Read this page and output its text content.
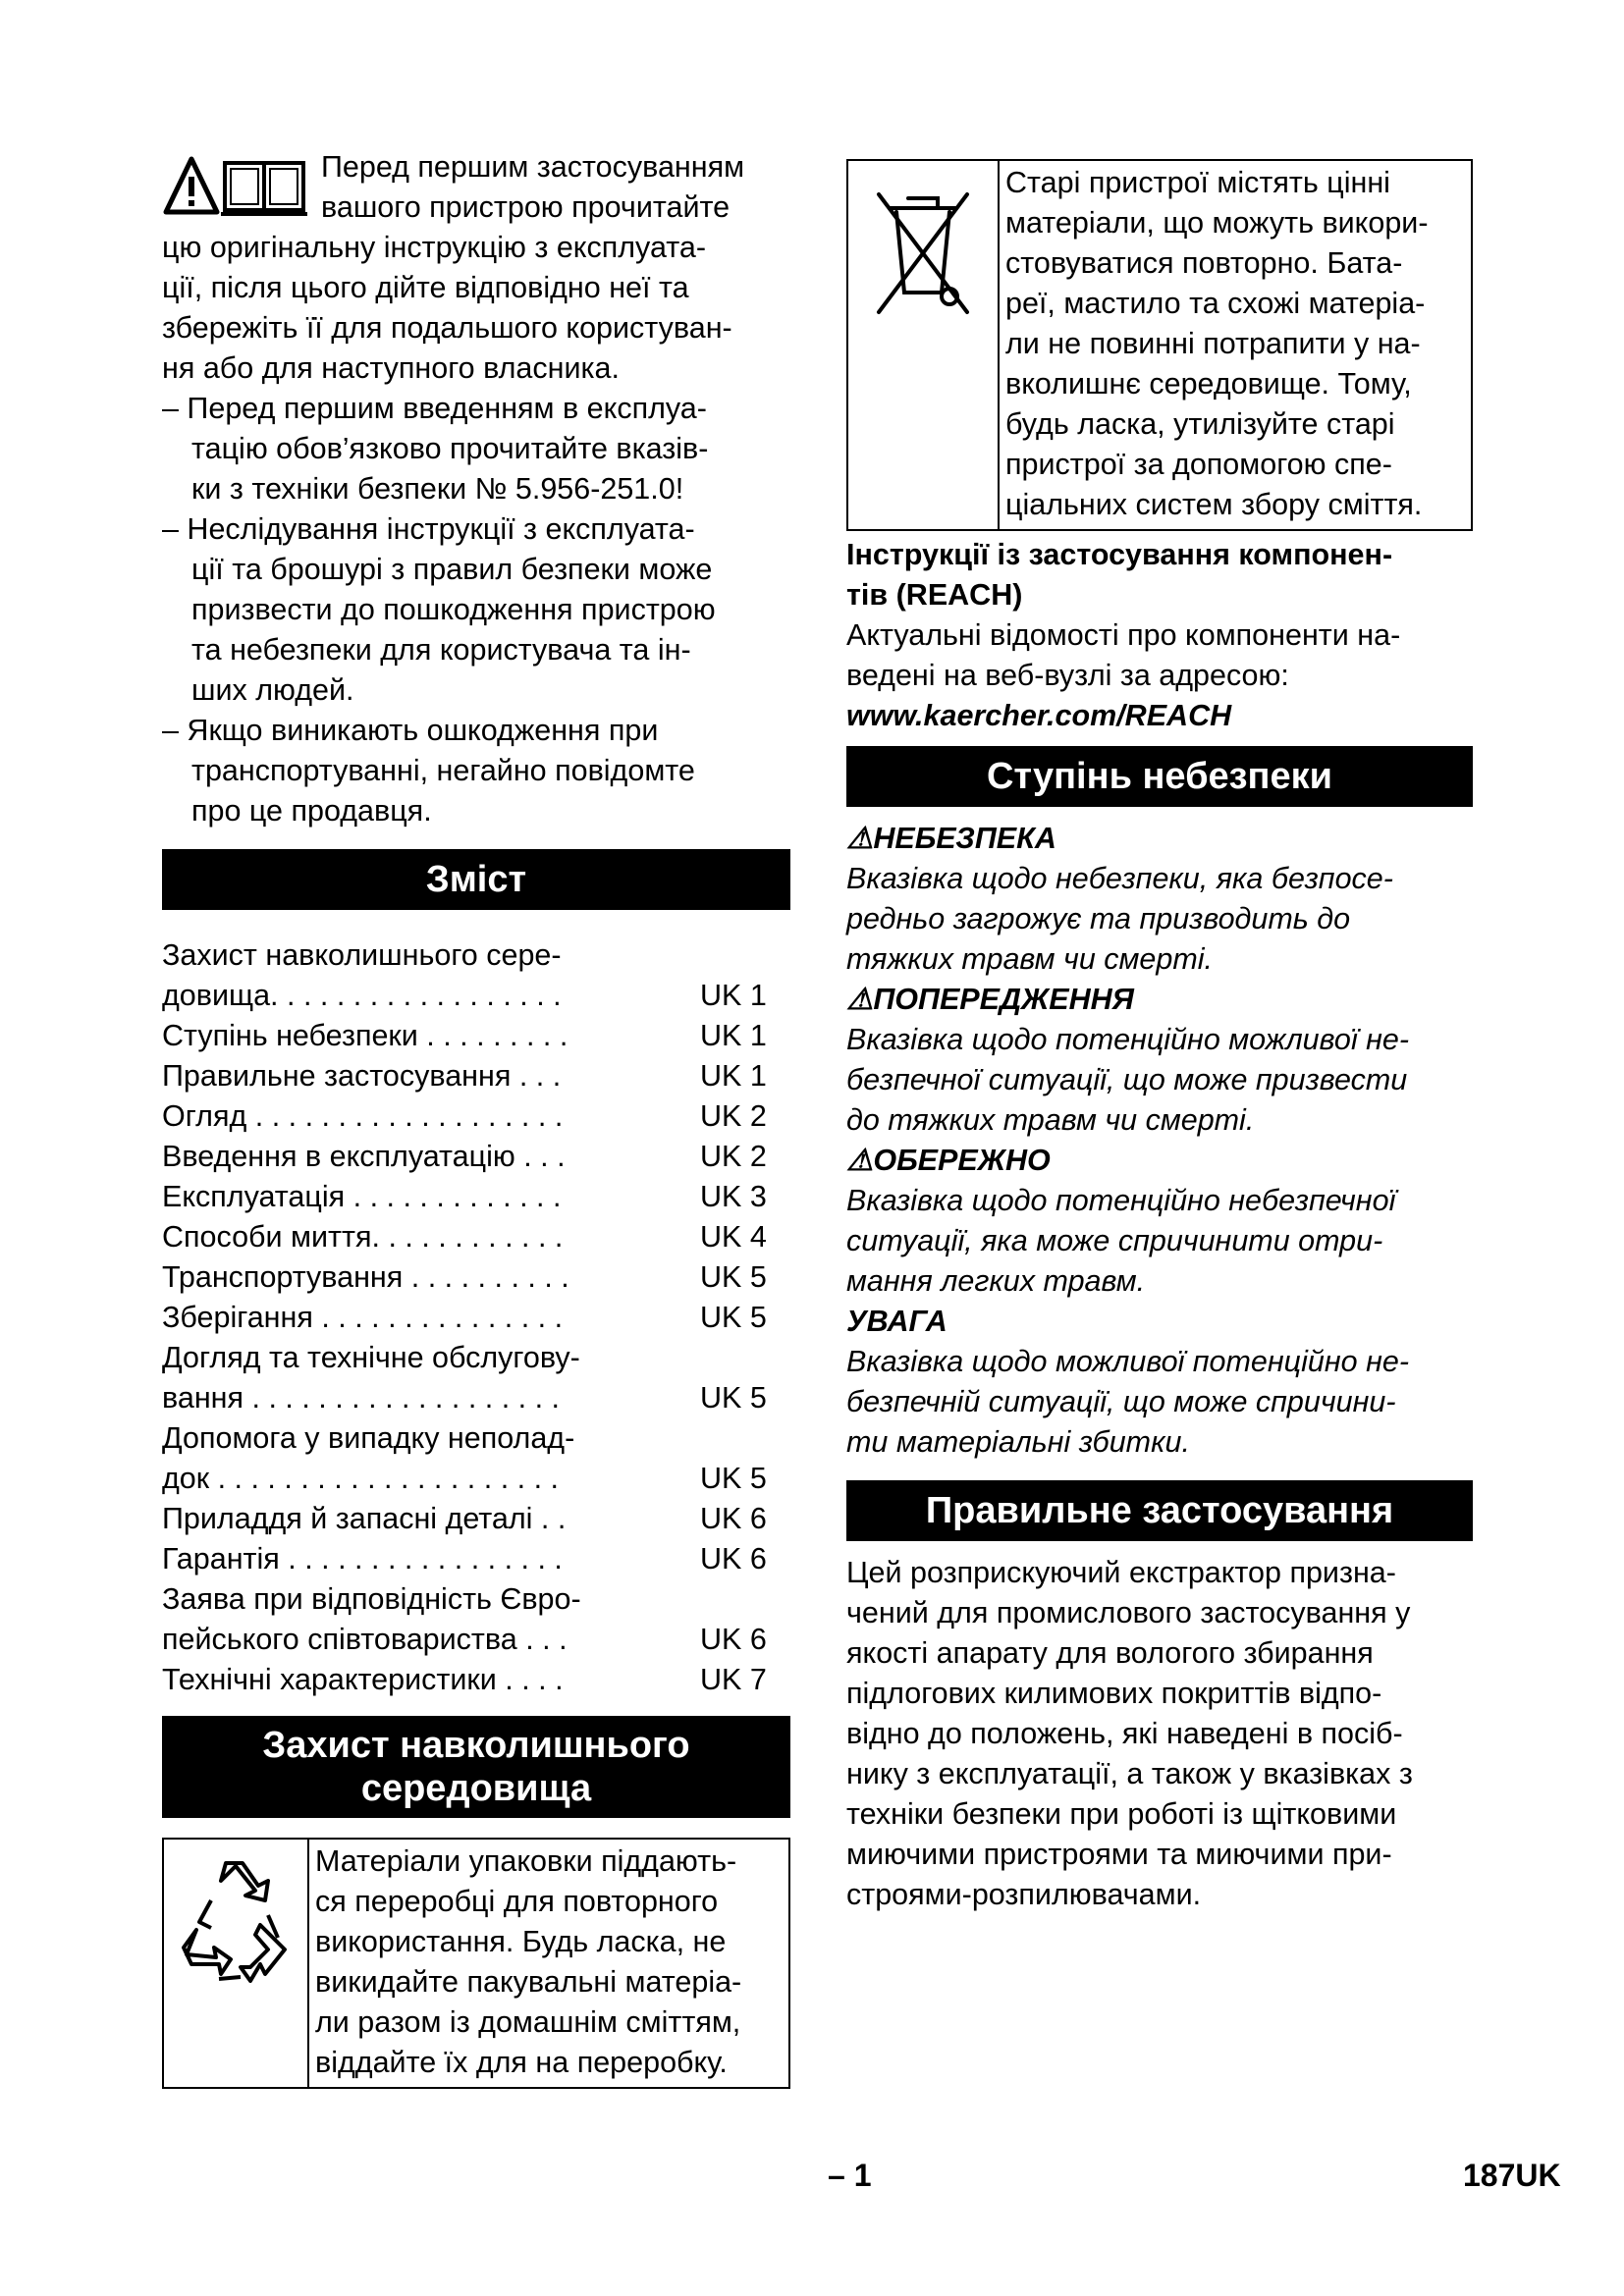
Перед першим застосуванням
вашого пристрою прочитайте
цю оригінальну інструкцію з експлуата-
ції, після цього дійте відповідно неї та
збережіть її для подальшого користуван-
ня або для наступного власника.
– Перед першим введенням в експлуа-
тацію обов’язково прочитайте вказів-
ки з техніки безпеки № 5.956-251.0!
– Неслідування інструкції з експлуата-
ції та брошурі з правил безпеки може
призвести до пошкодження пристрою
та небезпеки для користувача та ін-
ших людей.
– Якщо виникають ошкодження при
транспортуванні, негайно повідомте
про це продавця.
Зміст
Захист навколишнього сере-
довища. . . . . . . . . . . . . . . . . .	UK 1
Ступінь небезпеки . . . . . . . . .	UK 1
Правильне застосування . . .	UK 1
Огляд . . . . . . . . . . . . . . . . . . .	UK 2
Введення в експлуатацію . . .	UK 2
Експлуатація . . . . . . . . . . . . .	UK 3
Способи миття. . . . . . . . . . . .	UK 4
Транспортування . . . . . . . . . .	UK 5
Зберігання . . . . . . . . . . . . . . .	UK 5
Догляд та технічне обслугову-
вання . . . . . . . . . . . . . . . . . . .	UK 5
Допомога у випадку неполад-
док . . . . . . . . . . . . . . . . . . . . .	UK 5
Приладдя й запасні деталі . .	UK 6
Гарантія . . . . . . . . . . . . . . . . .	UK 6
Заява при відповідність Євро-
пейського співтовариства . . .	UK 6
Технічні характеристики . . . .	UK 7
Захист навколишнього
середовища
Матеріали упаковки піддають-
ся переробці для повторного
використання. Будь ласка, не
викидайте пакувальні матеріа-
ли разом із домашнім сміттям,
віддайте їх для на переробку.
Старі пристрої містять цінні
матеріали, що можуть викори-
стовуватися повторно. Бата-
реї, мастило та схожі матеріа-
ли не повинні потрапити у на-
вколишнє середовище. Тому,
будь ласка, утилізуйте старі
пристрої за допомогою спе-
ціальних систем збору сміття.
Інструкції із застосування компонен-
тів (REACH)
Актуальні відомості про компоненти на-
ведені на веб-вузлі за адресою:
www.kaercher.com/REACH
Ступінь небезпеки
⚠НЕБЕЗПЕКА
Вказівка щодо небезпеки, яка безпосе-
редньо загрожує та призводить до
тяжких травм чи смерті.
⚠ПОПЕРЕДЖЕННЯ
Вказівка щодо потенційно можливої не-
безпечної ситуації, що може призвести
до тяжких травм чи смерті.
⚠ОБЕРЕЖНО
Вказівка щодо потенційно небезпечної
ситуації, яка може спричинити отри-
мання легких травм.
УВАГА
Вказівка щодо можливої потенційно не-
безпечній ситуації, що може спричини-
ти матеріальні збитки.
Правильне застосування
Цей розприскуючий екстрактор призна-
чений для промислового застосування у
якості апарату для вологого збирання
підлогових килимових покриттів відпо-
відно до положень, які наведені в посіб-
нику з експлуатації, а також у вказівках з
техніки безпеки при роботі із щітковими
миючими пристроями та миючими при-
строями-розпилювачами.
– 1	187UK
